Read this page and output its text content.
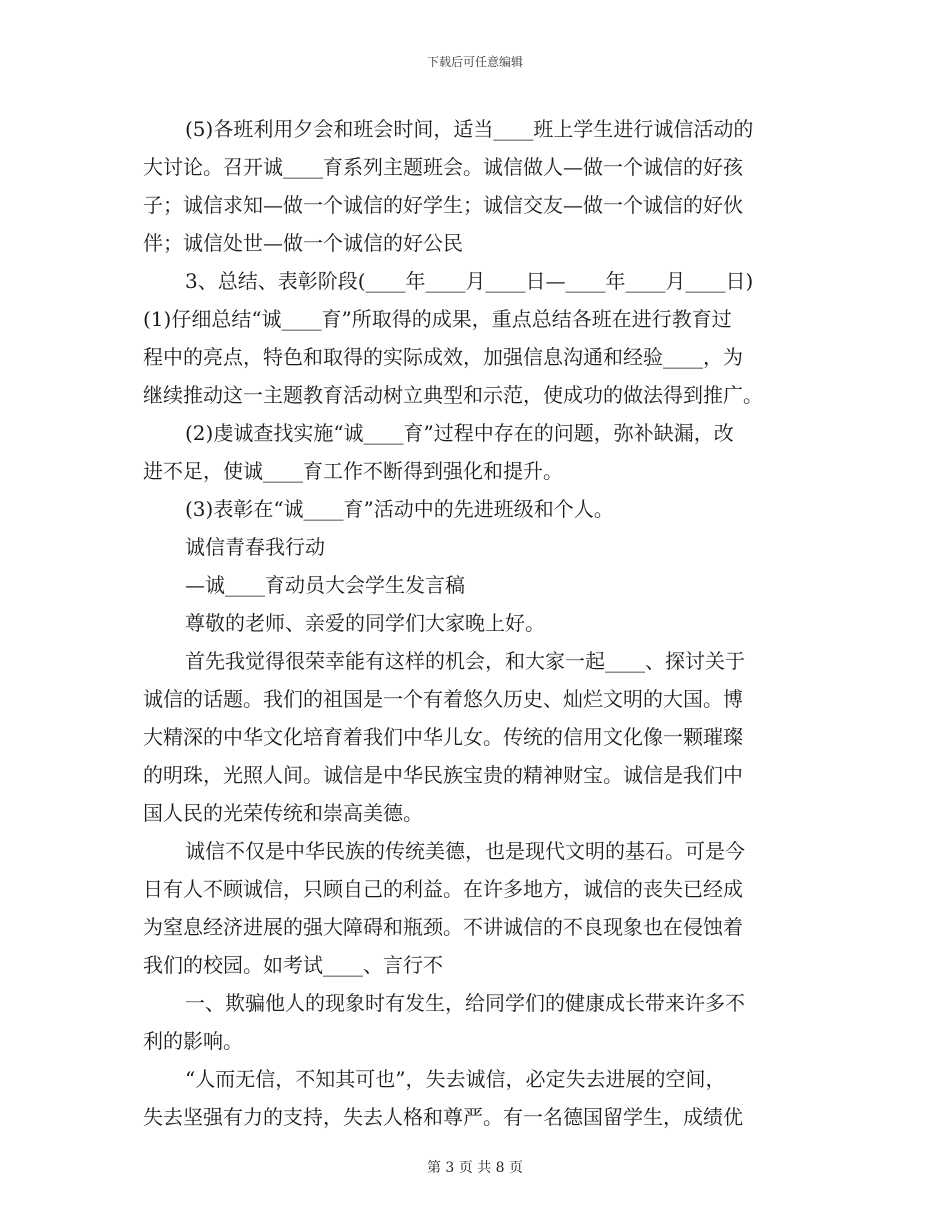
下载后可任意编辑
(5)各班利用夕会和班会时间，适当____班上学生进行诚信活动的
大讨论。召开诚____育系列主题班会。诚信做人—做一个诚信的好孩
子；诚信求知—做一个诚信的好学生；诚信交友—做一个诚信的好伙
伴；诚信处世—做一个诚信的好公民
3、总结、表彰阶段(____年____月____日—____年____月____日)
(1)仔细总结“诚____育”所取得的成果，重点总结各班在进行教育过
程中的亮点，特色和取得的实际成效，加强信息沟通和经验____，为
继续推动这一主题教育活动树立典型和示范，使成功的做法得到推广。
(2)虔诚查找实施“诚____育”过程中存在的问题，弥补缺漏，改
进不足，使诚____育工作不断得到强化和提升。
(3)表彰在“诚____育”活动中的先进班级和个人。
诚信青春我行动
—诚____育动员大会学生发言稿
尊敬的老师、亲爱的同学们大家晚上好。
首先我觉得很荣幸能有这样的机会，和大家一起____、探讨关于
诚信的话题。我们的祖国是一个有着悠久历史、灿烂文明的大国。博
大精深的中华文化培育着我们中华儿女。传统的信用文化像一颗璀璨
的明珠，光照人间。诚信是中华民族宝贵的精神财宝。诚信是我们中
国人民的光荣传统和崇高美德。
诚信不仅是中华民族的传统美德，也是现代文明的基石。可是今
日有人不顾诚信，只顾自己的利益。在许多地方，诚信的丧失已经成
为窒息经济进展的强大障碍和瓶颈。不讲诚信的不良现象也在侵蚀着
我们的校园。如考试____、言行不
一、欺骗他人的现象时有发生，给同学们的健康成长带来许多不
利的影响。
“人而无信，不知其可也”，失去诚信，必定失去进展的空间，
失去坚强有力的支持，失去人格和尊严。有一名德国留学生，成绩优
第 3 页 共 8 页
